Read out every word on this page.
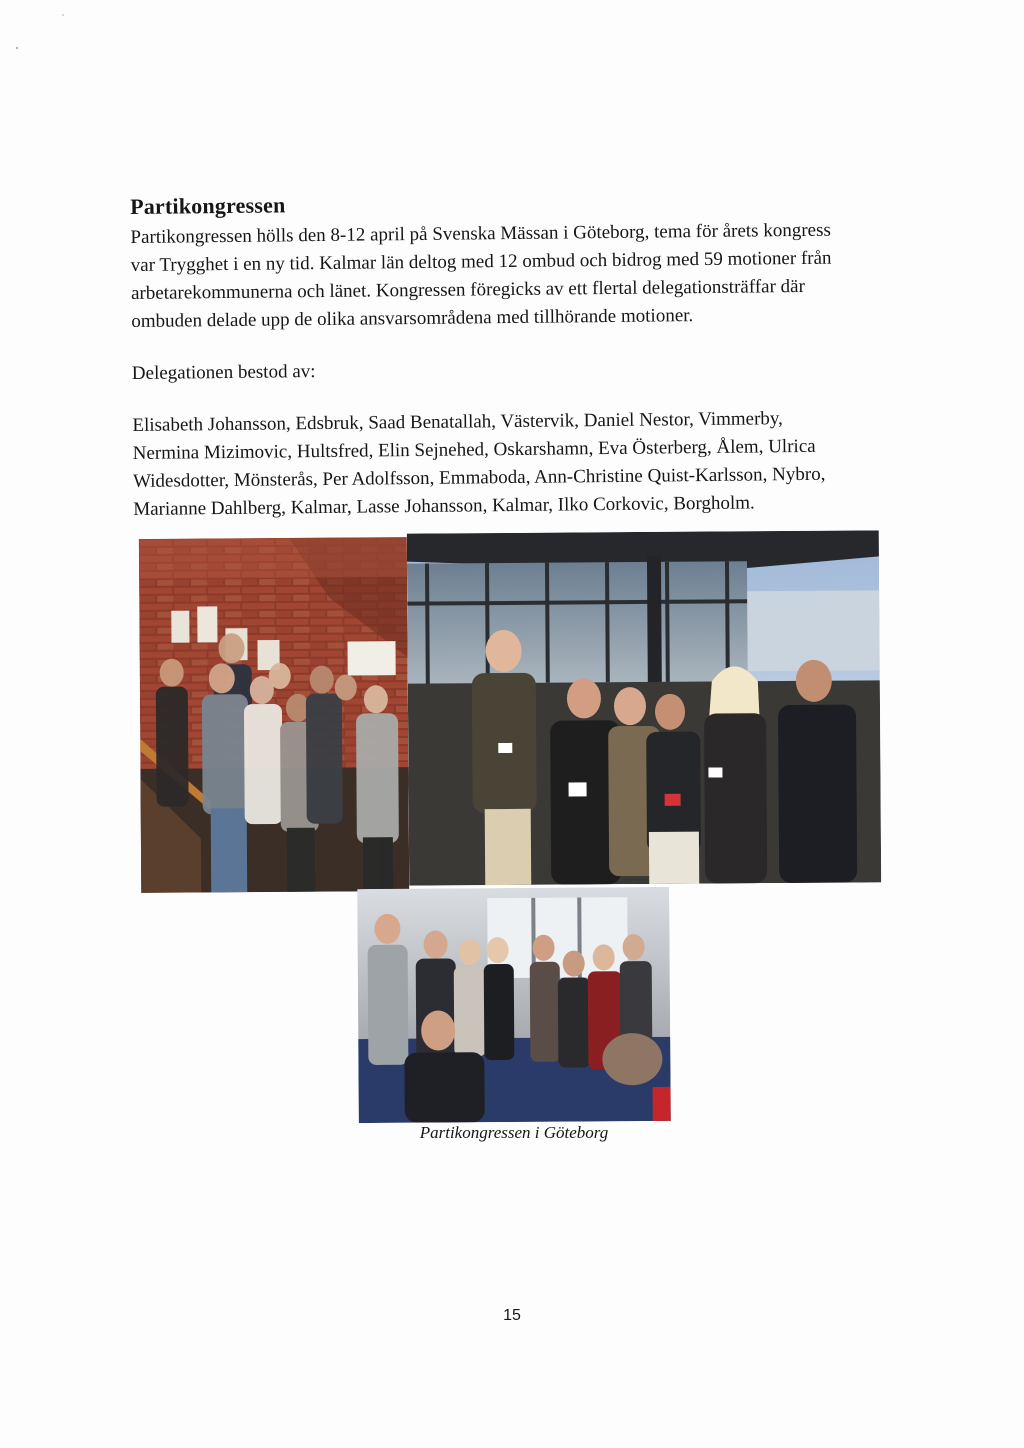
Partikongressen

Partikongressen hölls den 8-12 april på Svenska Mässan i Göteborg, tema för årets kongress
var Trygghet i en ny tid. Kalmar län deltog med 12 ombud och bidrog med 59 motioner från
arbetarekommunerna och länet. Kongressen föregicks av ett flertal delegationsträffar där
ombuden delade upp de olika ansvarsområdena med tillhörande motioner.

Delegationen bestod av:

Elisabeth Johansson, Edsbruk, Saad Benatallah, Västervik, Daniel Nestor, Vimmerby,
Nermina Mizimovic, Hultsfred, Elin Sejnehed, Oskarshamn, Eva Österberg, Ålem, Ulrica
Widesdotter, Mönsterås, Per Adolfsson, Emmaboda, Ann-Christine Quist-Karlsson, Nybro,
Marianne Dahlberg, Kalmar, Lasse Johansson, Kalmar, Ilko Corkovic, Borgholm.

Partikongressen i Göteborg
15
